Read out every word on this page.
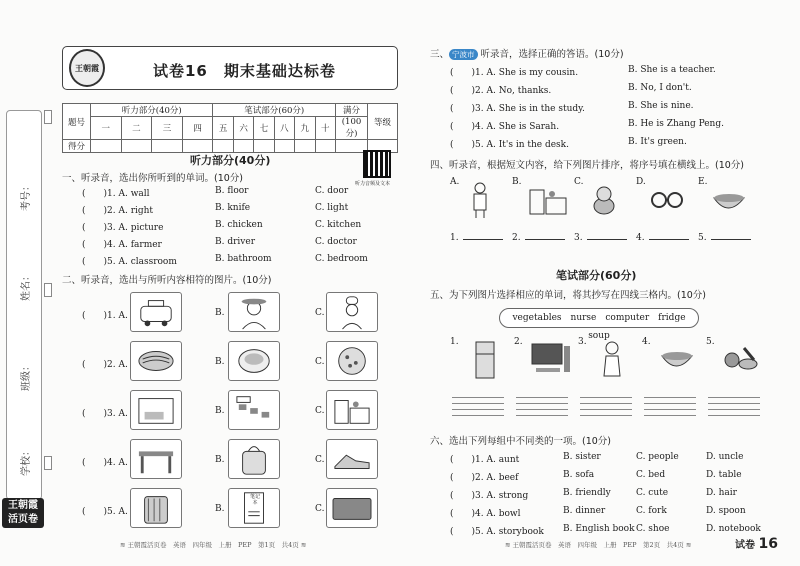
考号：
姓名：
班级：
学校：
王朝霞
活页卷
王朝霞	试卷16　期末基础达标卷
题号	听力部分(40分)				笔试部分(60分)						满分	等级
	一	二	三	四	五	六	七	八	九	十	(100分)	
得分												
听力部分(40分)
听力音频及文本
一、听录音，选出你所听到的单词。(10分)
(　　)1. A. wall	B. floor	C. door
(　　)2. A. right	B. knife	C. light
(　　)3. A. picture	B. chicken	C. kitchen
(　　)4. A. farmer	B. driver	C. doctor
(　　)5. A. classroom	B. bathroom	C. bedroom
二、听录音，选出与所听内容相符的图片。(10分)
(　　)1. A.	B.	C.
(　　)2. A.	B.	C.
(　　)3. A.	B.	C.
(　　)4. A.	B.	C.
(　　)5. A.	B.	C.
笔记本
三、 宁波市 听录音，选择正确的答语。(10分)
(　　)1. A. She is my cousin.	B. She is a teacher.
(　　)2. A. No, thanks.	B. No, I don't.
(　　)3. A. She is in the study.	B. She is nine.
(　　)4. A. She is Sarah.	B. He is Zhang Peng.
(　　)5. A. It's in the desk.	B. It's green.
四、听录音，根据短文内容，给下列图片排序，将序号填在横线上。(10分)
A.
1.
B.
2.
C.
3.
D.
4.
E.
5.
笔试部分(60分)
五、为下列图片选择相应的单词，将其抄写在四线三格内。(10分)
vegetables　nurse　computer　fridge　soup
1.	2.	3.	4.	5.
六、选出下列每组中不同类的一项。(10分)
(　　)1. A. aunt	B. sister	C. people	D. uncle
(　　)2. A. beef	B. sofa	C. bed	D. table
(　　)3. A. strong	B. friendly	C. cute	D. hair
(　　)4. A. bowl	B. dinner	C. fork	D. spoon
(　　)5. A. storybook B. English book C. shoe	D. notebook
≋ 王朝霞活页卷　英语　四年级　上册　PEP　第1页　共4页 ≋	≋ 王朝霞活页卷　英语　四年级　上册　PEP　第2页　共4页 ≋	试卷 16
